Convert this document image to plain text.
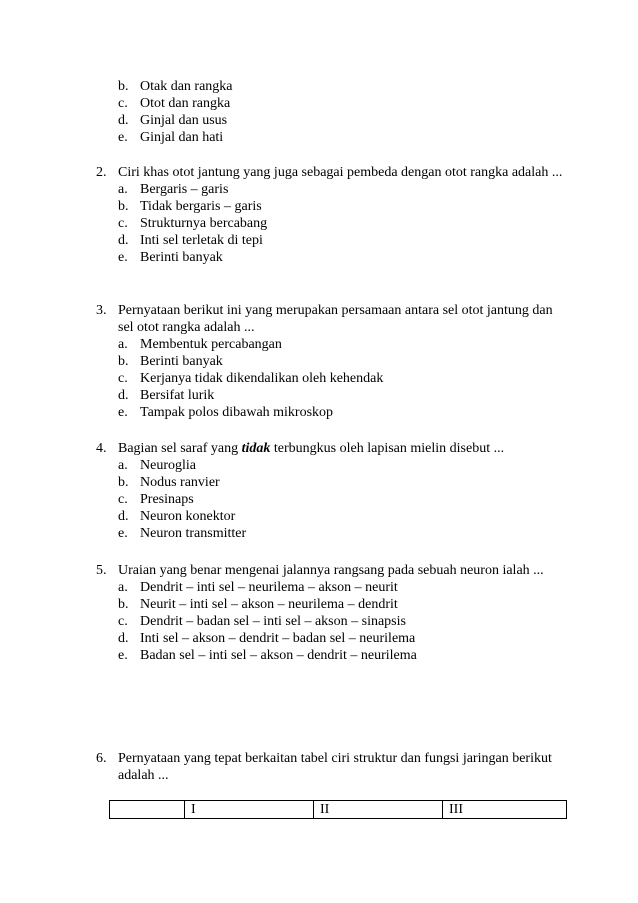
b. Otak dan rangka
c. Otot dan rangka
d. Ginjal dan usus
e. Ginjal dan hati
2. Ciri khas otot jantung yang juga sebagai pembeda dengan otot rangka adalah ...
a. Bergaris – garis
b. Tidak bergaris – garis
c. Strukturnya bercabang
d. Inti sel terletak di tepi
e. Berinti banyak
3. Pernyataan berikut ini yang merupakan persamaan antara sel otot jantung dan sel otot rangka adalah ...
a. Membentuk percabangan
b. Berinti banyak
c. Kerjanya tidak dikendalikan oleh kehendak
d. Bersifat lurik
e. Tampak polos dibawah mikroskop
4. Bagian sel saraf yang tidak terbungkus oleh lapisan mielin disebut ...
a. Neuroglia
b. Nodus ranvier
c. Presinaps
d. Neuron konektor
e. Neuron transmitter
5. Uraian yang benar mengenai jalannya rangsang pada sebuah neuron ialah ...
a. Dendrit – inti sel – neurilema – akson – neurit
b. Neurit – inti sel – akson – neurilema – dendrit
c. Dendrit – badan sel – inti sel – akson – sinapsis
d. Inti sel – akson – dendrit – badan sel – neurilema
e. Badan sel – inti sel – akson – dendrit – neurilema
6. Pernyataan yang tepat berkaitan tabel ciri struktur dan fungsi jaringan berikut adalah ...
	I	II	III
